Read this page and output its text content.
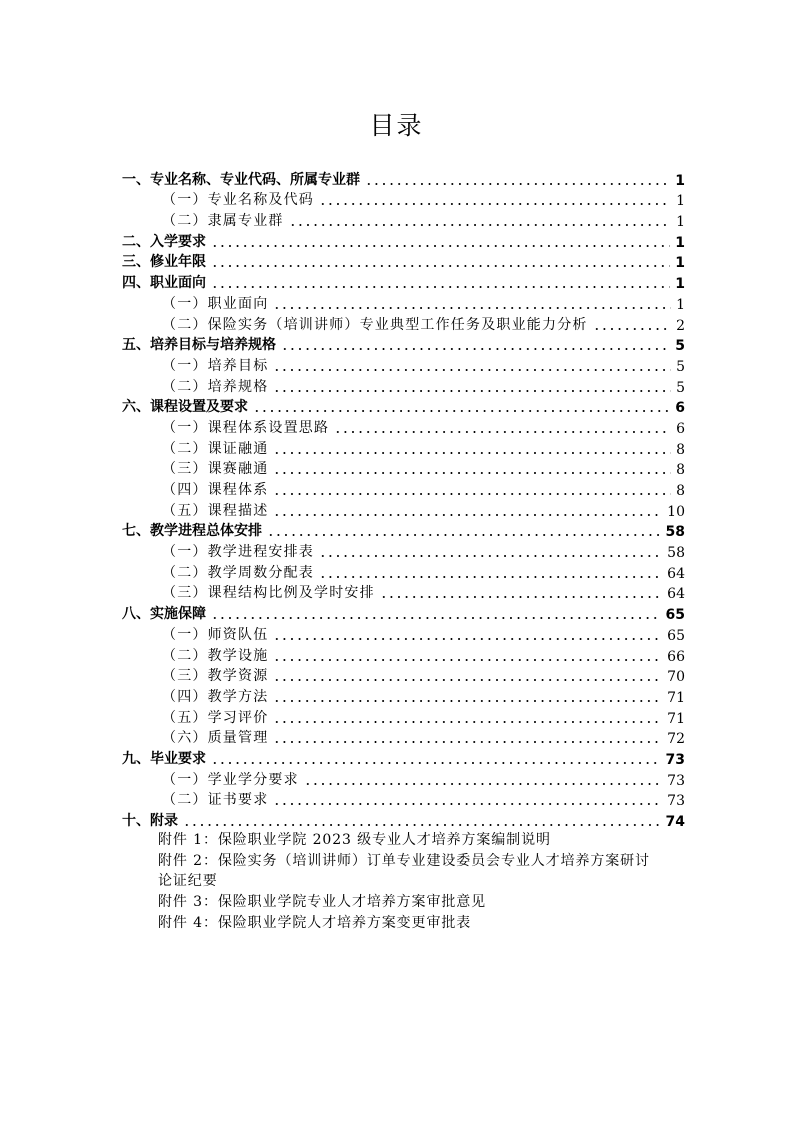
目录
一、专业名称、专业代码、所属专业群	1
（一）专业名称及代码	1
（二）隶属专业群	1
二、入学要求	1
三、修业年限	1
四、职业面向	1
（一）职业面向	1
（二）保险实务（培训讲师）专业典型工作任务及职业能力分析	2
五、培养目标与培养规格	5
（一）培养目标	5
（二）培养规格	5
六、课程设置及要求	6
（一）课程体系设置思路	6
（二）课证融通	8
（三）课赛融通	8
（四）课程体系	8
（五）课程描述	10
七、教学进程总体安排	58
（一）教学进程安排表	58
（二）教学周数分配表	64
（三）课程结构比例及学时安排	64
八、实施保障	65
（一）师资队伍	65
（二）教学设施	66
（三）教学资源	70
（四）教学方法	71
（五）学习评价	71
（六）质量管理	72
九、毕业要求	73
（一）学业学分要求	73
（二）证书要求	73
十、附录	74
附件 1：保险职业学院 2023 级专业人才培养方案编制说明
附件 2：保险实务（培训讲师）订单专业建设委员会专业人才培养方案研讨
论证纪要
附件 3：保险职业学院专业人才培养方案审批意见
附件 4：保险职业学院人才培养方案变更审批表
